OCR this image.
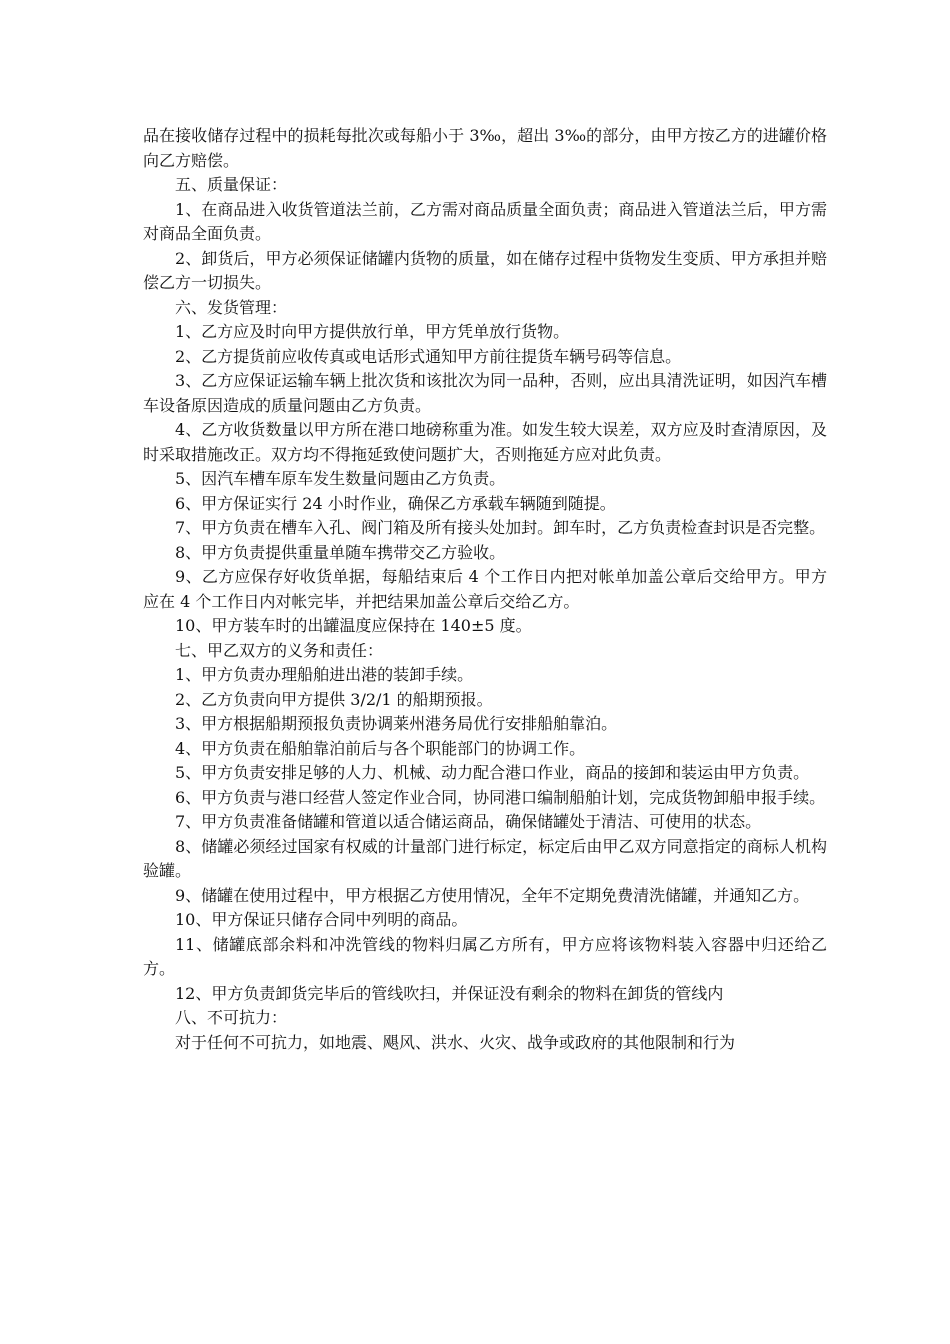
品在接收储存过程中的损耗每批次或每船小于 3‰，超出 3‰的部分，由甲方按乙方的进罐价格向乙方赔偿。

五、质量保证：

1、在商品进入收货管道法兰前，乙方需对商品质量全面负责；商品进入管道法兰后，甲方需对商品全面负责。

2、卸货后，甲方必须保证储罐内货物的质量，如在储存过程中货物发生变质、甲方承担并赔偿乙方一切损失。

六、发货管理：

1、乙方应及时向甲方提供放行单，甲方凭单放行货物。

2、乙方提货前应收传真或电话形式通知甲方前往提货车辆号码等信息。

3、乙方应保证运输车辆上批次货和该批次为同一品种，否则，应出具清洗证明，如因汽车槽车设备原因造成的质量问题由乙方负责。

4、乙方收货数量以甲方所在港口地磅称重为准。如发生较大误差，双方应及时查清原因，及时采取措施改正。双方均不得拖延致使问题扩大，否则拖延方应对此负责。

5、因汽车槽车原车发生数量问题由乙方负责。

6、甲方保证实行 24 小时作业，确保乙方承载车辆随到随提。

7、甲方负责在槽车入孔、阀门箱及所有接头处加封。卸车时，乙方负责检查封识是否完整。

8、甲方负责提供重量单随车携带交乙方验收。

9、乙方应保存好收货单据，每船结束后 4 个工作日内把对帐单加盖公章后交给甲方。甲方应在 4 个工作日内对帐完毕，并把结果加盖公章后交给乙方。

10、甲方装车时的出罐温度应保持在 140±5 度。

七、甲乙双方的义务和责任：

1、甲方负责办理船舶进出港的装卸手续。

2、乙方负责向甲方提供 3/2/1 的船期预报。

3、甲方根据船期预报负责协调莱州港务局优行安排船舶靠泊。

4、甲方负责在船舶靠泊前后与各个职能部门的协调工作。

5、甲方负责安排足够的人力、机械、动力配合港口作业，商品的接卸和装运由甲方负责。

6、甲方负责与港口经营人签定作业合同，协同港口编制船舶计划，完成货物卸船申报手续。

7、甲方负责准备储罐和管道以适合储运商品，确保储罐处于清洁、可使用的状态。

8、储罐必须经过国家有权威的计量部门进行标定，标定后由甲乙双方同意指定的商标人机构验罐。

9、储罐在使用过程中，甲方根据乙方使用情况，全年不定期免费清洗储罐，并通知乙方。

10、甲方保证只储存合同中列明的商品。

11、储罐底部余料和冲洗管线的物料归属乙方所有，甲方应将该物料装入容器中归还给乙方。

12、甲方负责卸货完毕后的管线吹扫，并保证没有剩余的物料在卸货的管线内

八、不可抗力：

对于任何不可抗力，如地震、飓风、洪水、火灾、战争或政府的其他限制和行为
